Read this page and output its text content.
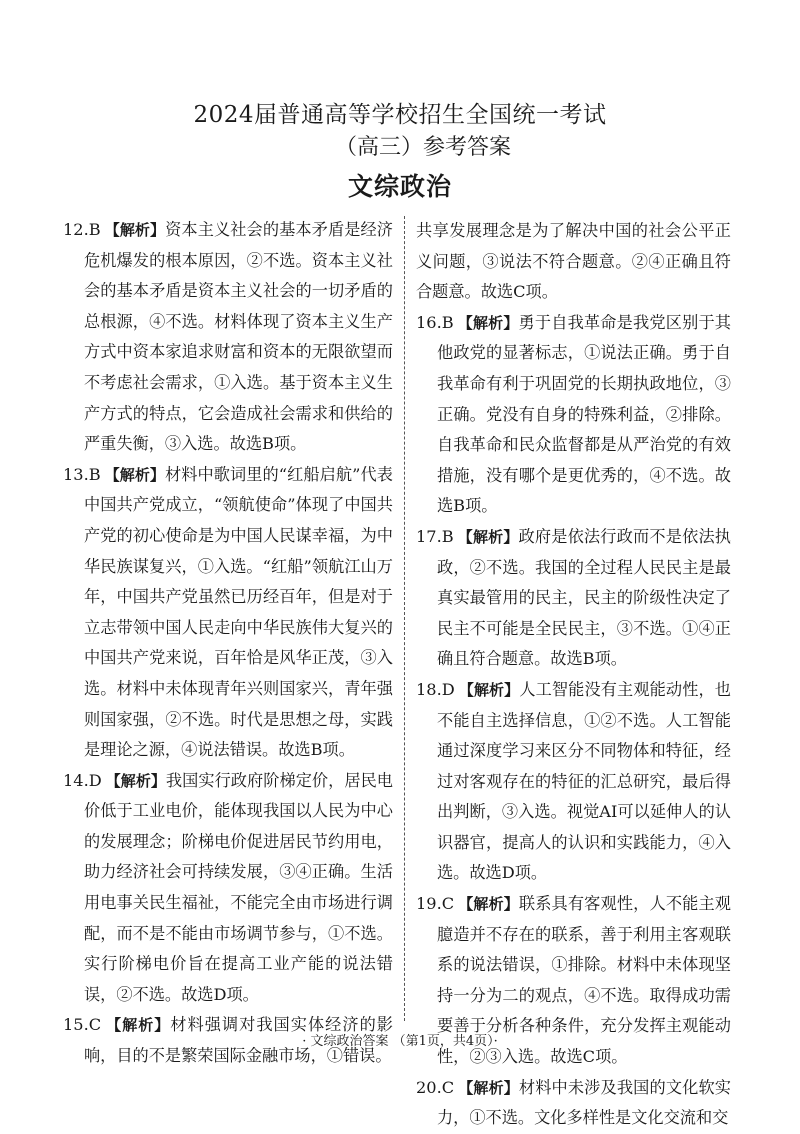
2024届普通高等学校招生全国统一考试
（高三）参考答案
文综政治

12.B 【解析】资本主义社会的基本矛盾是经济危机爆发的根本原因，②不选。资本主义社会的基本矛盾是资本主义社会的一切矛盾的总根源，④不选。材料体现了资本主义生产方式中资本家追求财富和资本的无限欲望而不考虑社会需求，①入选。基于资本主义生产方式的特点，它会造成社会需求和供给的严重失衡，③入选。故选B项。

13.B 【解析】材料中歌词里的“红船启航”代表中国共产党成立，“领航使命”体现了中国共产党的初心使命是为中国人民谋幸福，为中华民族谋复兴，①入选。“红船”领航江山万年，中国共产党虽然已历经百年，但是对于立志带领中国人民走向中华民族伟大复兴的中国共产党来说，百年恰是风华正茂，③入选。材料中未体现青年兴则国家兴，青年强则国家强，②不选。时代是思想之母，实践是理论之源，④说法错误。故选B项。

14.D 【解析】我国实行政府阶梯定价，居民电价低于工业电价，能体现我国以人民为中心的发展理念；阶梯电价促进居民节约用电，助力经济社会可持续发展，③④正确。生活用电事关民生福祉，不能完全由市场进行调配，而不是不能由市场调节参与，①不选。实行阶梯电价旨在提高工业产能的说法错误，②不选。故选D项。

15.C 【解析】材料强调对我国实体经济的影响，目的不是繁荣国际金融市场，①错误。

共享发展理念是为了解决中国的社会公平正义问题，③说法不符合题意。②④正确且符合题意。故选C项。

16.B 【解析】勇于自我革命是我党区别于其他政党的显著标志，①说法正确。勇于自我革命有利于巩固党的长期执政地位，③正确。党没有自身的特殊利益，②排除。自我革命和民众监督都是从严治党的有效措施，没有哪个是更优秀的，④不选。故选B项。

17.B 【解析】政府是依法行政而不是依法执政，②不选。我国的全过程人民民主是最真实最管用的民主，民主的阶级性决定了民主不可能是全民民主，③不选。①④正确且符合题意。故选B项。

18.D 【解析】人工智能没有主观能动性，也不能自主选择信息，①②不选。人工智能通过深度学习来区分不同物体和特征，经过对客观存在的特征的汇总研究，最后得出判断，③入选。视觉AI可以延伸人的认识器官，提高人的认识和实践能力，④入选。故选D项。

19.C 【解析】联系具有客观性，人不能主观臆造并不存在的联系，善于利用主客观联系的说法错误，①排除。材料中未体现坚持一分为二的观点，④不选。取得成功需要善于分析各种条件，充分发挥主观能动性，②③入选。故选C项。

20.C 【解析】材料中未涉及我国的文化软实力，①不选。文化多样性是文化交流和交

· 文综政治答案 （第1页，共4页）·
